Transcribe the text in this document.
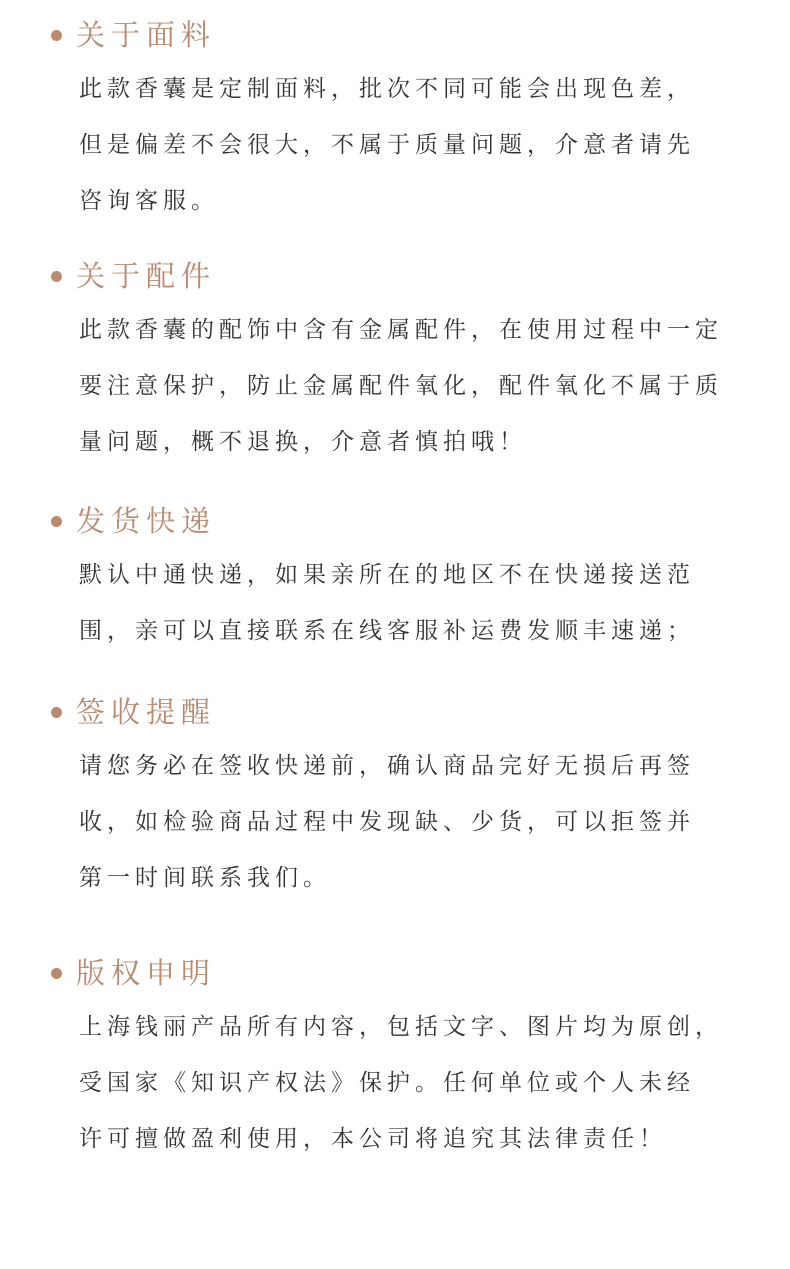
关于面料

此款香囊是定制面料，批次不同可能会出现色差，
但是偏差不会很大，不属于质量问题，介意者请先
咨询客服。

关于配件

此款香囊的配饰中含有金属配件，在使用过程中一定
要注意保护，防止金属配件氧化，配件氧化不属于质
量问题，概不退换，介意者慎拍哦！

发货快递

默认中通快递，如果亲所在的地区不在快递接送范
围，亲可以直接联系在线客服补运费发顺丰速递；

签收提醒

请您务必在签收快递前，确认商品完好无损后再签
收，如检验商品过程中发现缺、少货，可以拒签并
第一时间联系我们。

版权申明

上海钱丽产品所有内容，包括文字、图片均为原创，
受国家《知识产权法》保护。任何单位或个人未经
许可擅做盈利使用，本公司将追究其法律责任！
